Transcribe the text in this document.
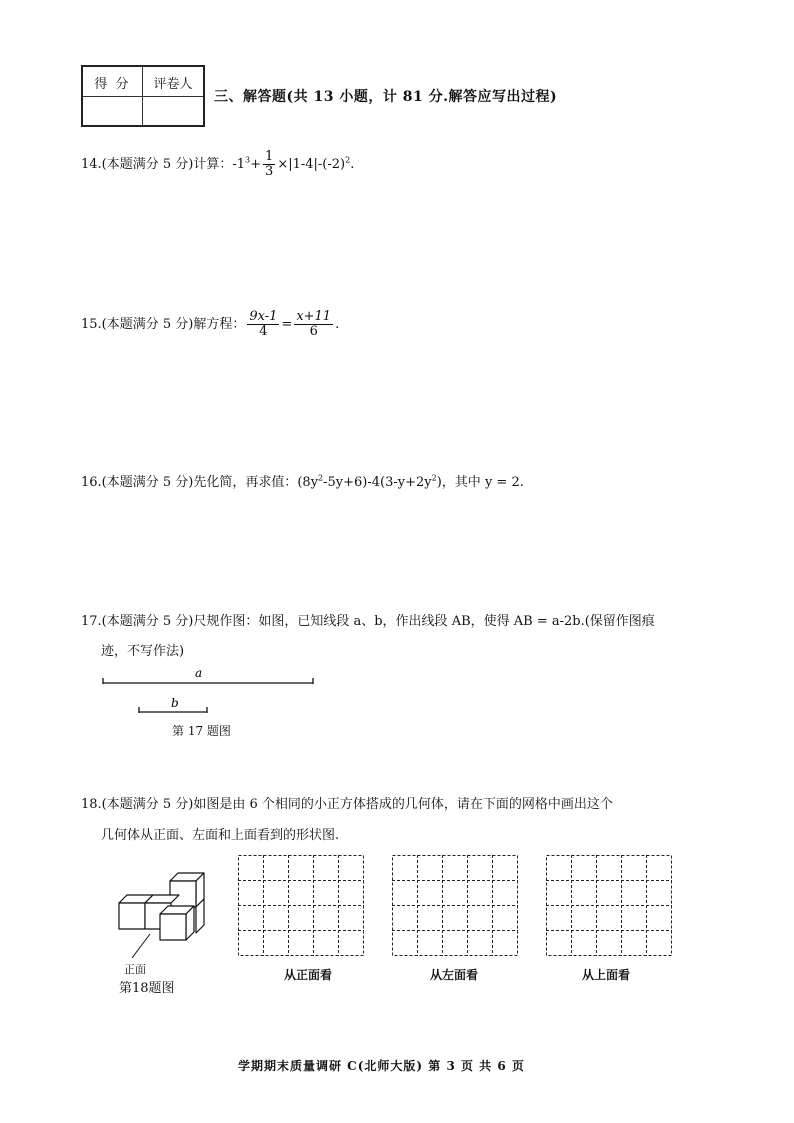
得 分	评卷人
三、解答题(共 13 小题，计 81 分.解答应写出过程)
14.(本题满分 5 分)计算：$-1^3+ \frac{1}{3} \times|1-4|-(-2)^2$.
15.(本题满分 5 分)解方程： $\frac{9x-1}{4} = \frac{x+11}{6}$ .
16.(本题满分 5 分)先化简，再求值：$(8y^2-5y+6)-4(3-y+2y^2)$，其中 y = 2.
17.(本题满分 5 分)尺规作图：如图，已知线段 a、b，作出线段 AB，使得 AB = a-2b.(保留作图痕
迹，不写作法)
a
b
第 17 题图
18.(本题满分 5 分)如图是由 6 个相同的小正方体搭成的几何体，请在下面的网格中画出这个
几何体从正面、左面和上面看到的形状图.
正面
第18题图
从正面看	从左面看	从上面看
学期期末质量调研 C(北师大版) 第 3 页 共 6 页
